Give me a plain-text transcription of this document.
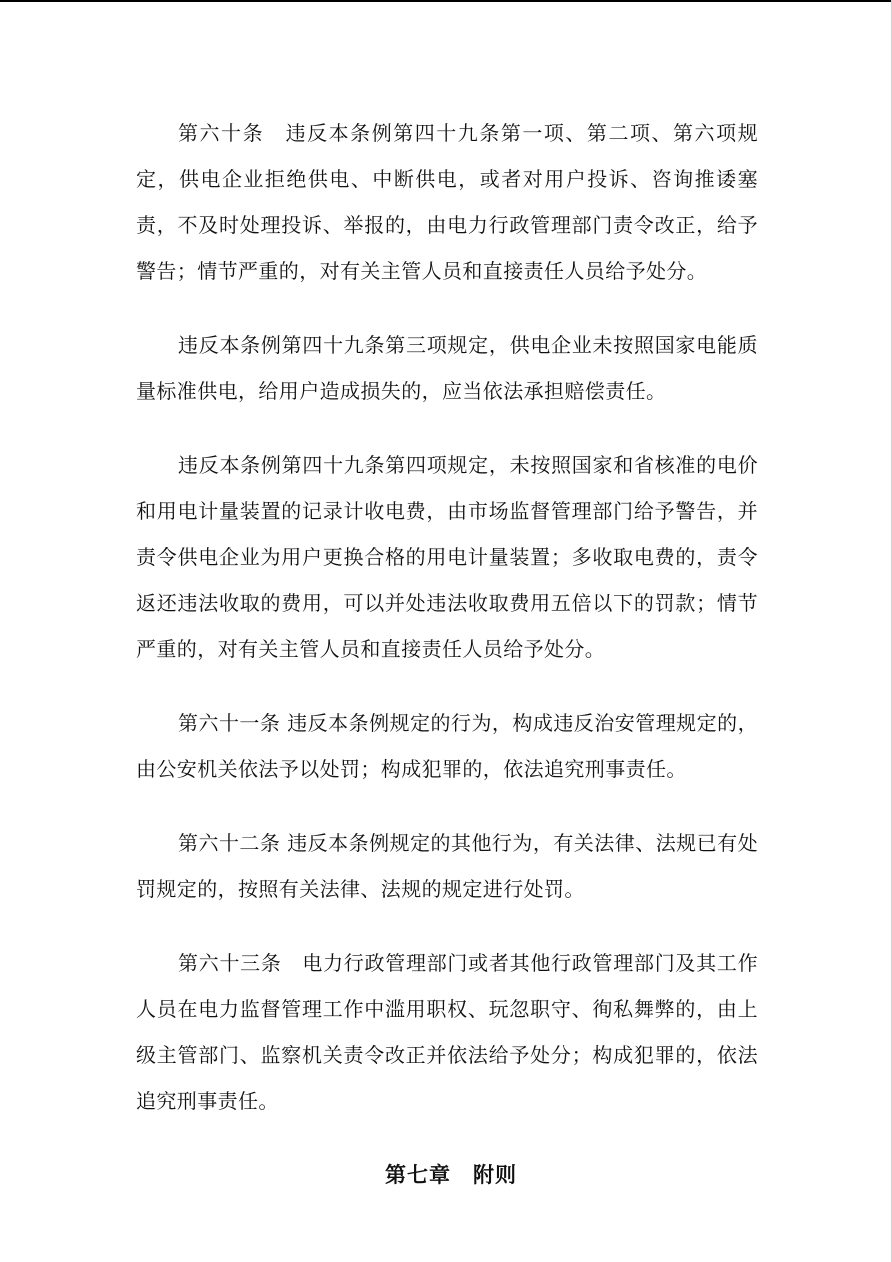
第六十条　违反本条例第四十九条第一项、第二项、第六项规定，供电企业拒绝供电、中断供电，或者对用户投诉、咨询推诿塞责，不及时处理投诉、举报的，由电力行政管理部门责令改正，给予警告；情节严重的，对有关主管人员和直接责任人员给予处分。

违反本条例第四十九条第三项规定，供电企业未按照国家电能质量标准供电，给用户造成损失的，应当依法承担赔偿责任。

违反本条例第四十九条第四项规定，未按照国家和省核准的电价和用电计量装置的记录计收电费，由市场监督管理部门给予警告，并责令供电企业为用户更换合格的用电计量装置；多收取电费的，责令返还违法收取的费用，可以并处违法收取费用五倍以下的罚款；情节严重的，对有关主管人员和直接责任人员给予处分。

第六十一条 违反本条例规定的行为，构成违反治安管理规定的，由公安机关依法予以处罚；构成犯罪的，依法追究刑事责任。

第六十二条 违反本条例规定的其他行为，有关法律、法规已有处罚规定的，按照有关法律、法规的规定进行处罚。

第六十三条　电力行政管理部门或者其他行政管理部门及其工作人员在电力监督管理工作中滥用职权、玩忽职守、徇私舞弊的，由上级主管部门、监察机关责令改正并依法给予处分；构成犯罪的，依法追究刑事责任。

第七章　附则
